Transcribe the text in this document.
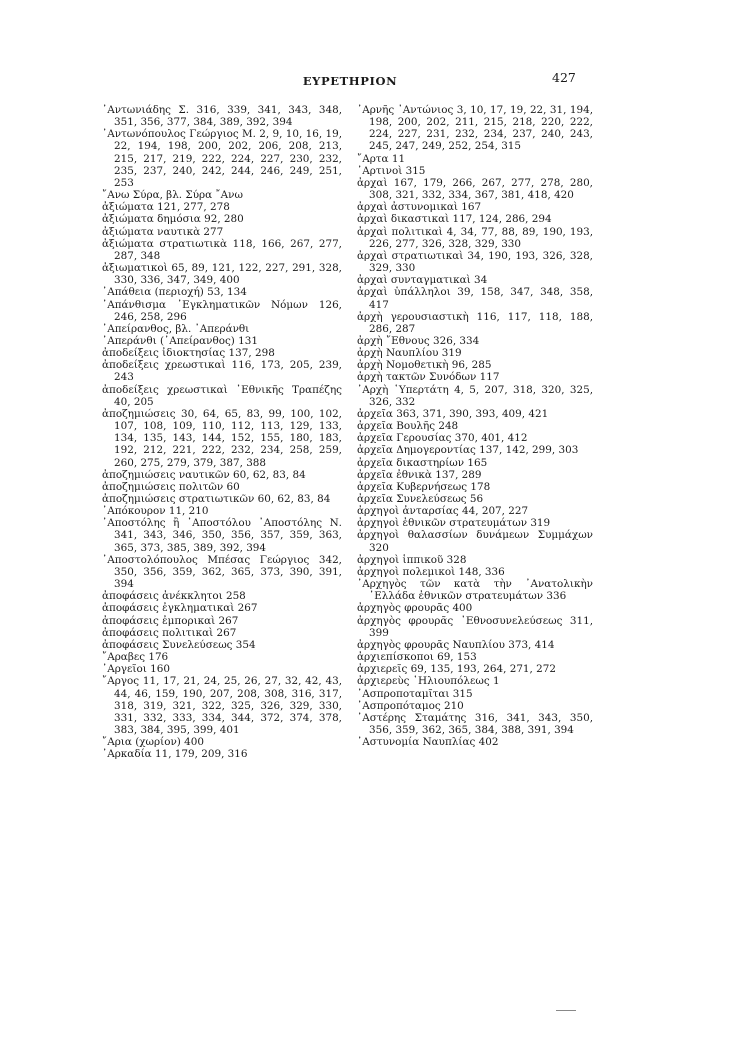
ΕΥΡΕΤΗΡΙΟΝ	427

᾿Αντωνιάδης Σ. 316, 339, 341, 343, 348, 351, 356, 377, 384, 389, 392, 394

᾿Αντωνόπουλος Γεώργιος Μ. 2, 9, 10, 16, 19, 22, 194, 198, 200, 202, 206, 208, 213, 215, 217, 219, 222, 224, 227, 230, 232, 235, 237, 240, 242, 244, 246, 249, 251, 253

῎Ανω Σύρα, βλ. Σύρα ῎Ανω

ἀξιώματα 121, 277, 278

ἀξιώματα δημόσια 92, 280

ἀξιώματα ναυτικὰ 277

ἀξιώματα στρατιωτικὰ 118, 166, 267, 277, 287, 348

ἀξιωματικοὶ 65, 89, 121, 122, 227, 291, 328, 330, 336, 347, 349, 400

᾿Απάθεια (περιοχή) 53, 134

᾿Απάνθισμα ᾿Εγκληματικῶν Νόμων 126, 246, 258, 296

᾿Απείρανθος, βλ. ᾿Απεράνθι

᾿Απεράνθι (᾿Απείρανθος) 131

ἀποδείξεις ἰδιοκτησίας 137, 298

ἀποδείξεις χρεωστικαὶ 116, 173, 205, 239, 243

ἀποδείξεις χρεωστικαὶ ᾿Εθνικῆς Τραπέζης 40, 205

ἀποζημιώσεις 30, 64, 65, 83, 99, 100, 102, 107, 108, 109, 110, 112, 113, 129, 133, 134, 135, 143, 144, 152, 155, 180, 183, 192, 212, 221, 222, 232, 234, 258, 259, 260, 275, 279, 379, 387, 388

ἀποζημιώσεις ναυτικῶν 60, 62, 83, 84

ἀποζημιώσεις πολιτῶν 60

ἀποζημιώσεις στρατιωτικῶν 60, 62, 83, 84

᾿Απόκουρον 11, 210

᾿Αποστόλης ἢ ᾿Αποστόλου ᾿Αποστόλης Ν. 341, 343, 346, 350, 356, 357, 359, 363, 365, 373, 385, 389, 392, 394

᾿Αποστολόπουλος Μπέσας Γεώργιος 342, 350, 356, 359, 362, 365, 373, 390, 391, 394

ἀποφάσεις ἀνέκκλητοι 258

ἀποφάσεις ἐγκληματικαὶ 267

ἀποφάσεις ἐμπορικαὶ 267

ἀποφάσεις πολιτικαὶ 267

ἀποφάσεις Συνελεύσεως 354

῎Αραβες 176

᾿Αργεῖοι 160

῎Αργος 11, 17, 21, 24, 25, 26, 27, 32, 42, 43, 44, 46, 159, 190, 207, 208, 308, 316, 317, 318, 319, 321, 322, 325, 326, 329, 330, 331, 332, 333, 334, 344, 372, 374, 378, 383, 384, 395, 399, 401

῎Αρια (χωρίον) 400

᾿Αρκαδία 11, 179, 209, 316

᾿Αρνῆς ᾿Αντώνιος 3, 10, 17, 19, 22, 31, 194, 198, 200, 202, 211, 215, 218, 220, 222, 224, 227, 231, 232, 234, 237, 240, 243, 245, 247, 249, 252, 254, 315

῎Αρτα 11

᾿Αρτινοὶ 315

ἀρχαὶ 167, 179, 266, 267, 277, 278, 280, 308, 321, 332, 334, 367, 381, 418, 420

ἀρχαὶ ἀστυνομικαὶ 167

ἀρχαὶ δικαστικαὶ 117, 124, 286, 294

ἀρχαὶ πολιτικαὶ 4, 34, 77, 88, 89, 190, 193, 226, 277, 326, 328, 329, 330

ἀρχαὶ στρατιωτικαὶ 34, 190, 193, 326, 328, 329, 330

ἀρχαὶ συνταγματικαὶ 34

ἀρχαὶ ὑπάλληλοι 39, 158, 347, 348, 358, 417

ἀρχὴ γερουσιαστικὴ 116, 117, 118, 188, 286, 287

ἀρχὴ ῎Εθνους 326, 334

ἀρχὴ Ναυπλίου 319

ἀρχὴ Νομοθετικὴ 96, 285

ἀρχὴ τακτῶν Συνόδων 117

᾿Αρχὴ ῾Υπερτάτη 4, 5, 207, 318, 320, 325, 326, 332

ἀρχεῖα 363, 371, 390, 393, 409, 421

ἀρχεῖα Βουλῆς 248

ἀρχεῖα Γερουσίας 370, 401, 412

ἀρχεῖα Δημογεροντίας 137, 142, 299, 303

ἀρχεῖα δικαστηρίων 165

ἀρχεῖα ἐθνικὰ 137, 289

ἀρχεῖα Κυβερνήσεως 178

ἀρχεῖα Συνελεύσεως 56

ἀρχηγοὶ ἀνταρσίας 44, 207, 227

ἀρχηγοὶ ἐθνικῶν στρατευμάτων 319

ἀρχηγοὶ θαλασσίων δυνάμεων Συμμάχων 320

ἀρχηγοὶ ἱππικοῦ 328

ἀρχηγοὶ πολεμικοὶ 148, 336

᾿Αρχηγὸς τῶν κατὰ τὴν ᾿Ανατολικὴν ῾Ελλάδα ἐθνικῶν στρατευμάτων 336

ἀρχηγὸς φρουρᾶς 400

ἀρχηγὸς φρουρᾶς ᾿Εθνοσυνελεύσεως 311, 399

ἀρχηγὸς φρουρᾶς Ναυπλίου 373, 414

ἀρχιεπίσκοποι 69, 153

ἀρχιερεῖς 69, 135, 193, 264, 271, 272

ἀρχιερεὺς ῾Ηλιουπόλεως 1

᾿Ασπροποταμῖται 315

᾿Ασπροπόταμος 210

᾿Αστέρης Σταμάτης 316, 341, 343, 350, 356, 359, 362, 365, 384, 388, 391, 394

᾿Αστυνομία Ναυπλίας 402
